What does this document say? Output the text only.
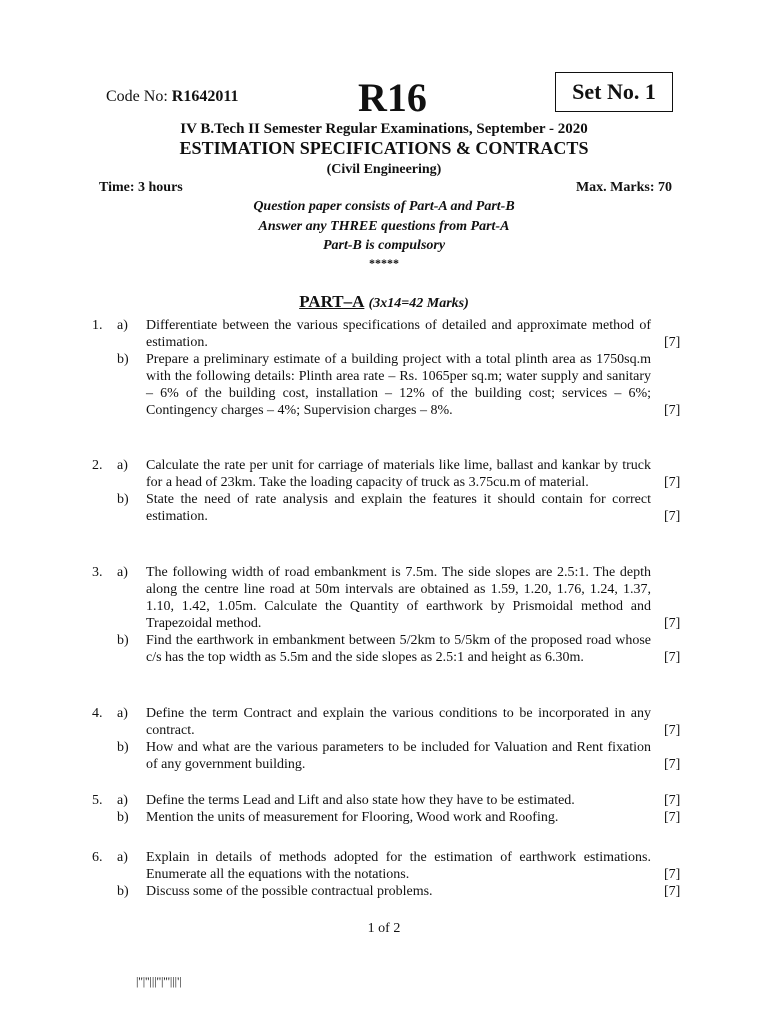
Code No: R1642011	R16	Set No. 1
IV B.Tech II Semester Regular Examinations, September - 2020
ESTIMATION SPECIFICATIONS & CONTRACTS
(Civil Engineering)
Time: 3 hours	Max. Marks: 70
Question paper consists of Part-A and Part-B
Answer any THREE questions from Part-A
Part-B is compulsory
*****
PART–A (3x14=42 Marks)
1. a) Differentiate between the various specifications of detailed and approximate method of estimation.	[7]
b) Prepare a preliminary estimate of a building project with a total plinth area as 1750sq.m with the following details: Plinth area rate – Rs. 1065per sq.m; water supply and sanitary – 6% of the building cost, installation – 12% of the building cost; services – 6%; Contingency charges – 4%; Supervision charges – 8%.	[7]
2. a) Calculate the rate per unit for carriage of materials like lime, ballast and kankar by truck for a head of 23km. Take the loading capacity of truck as 3.75cu.m of material.	[7]
b) State the need of rate analysis and explain the features it should contain for correct estimation.	[7]
3. a) The following width of road embankment is 7.5m. The side slopes are 2.5:1. The depth along the centre line road at 50m intervals are obtained as 1.59, 1.20, 1.76, 1.24, 1.37, 1.10, 1.42, 1.05m. Calculate the Quantity of earthwork by Prismoidal method and Trapezoidal method.	[7]
b) Find the earthwork in embankment between 5/2km to 5/5km of the proposed road whose c/s has the top width as 5.5m and the side slopes as 2.5:1 and height as 6.30m.	[7]
4. a) Define the term Contract and explain the various conditions to be incorporated in any contract.	[7]
b) How and what are the various parameters to be included for Valuation and Rent fixation of any government building.	[7]
5. a) Define the terms Lead and Lift and also state how they have to be estimated.	[7]
b) Mention the units of measurement for Flooring, Wood work and Roofing.	[7]
6. a) Explain in details of methods adopted for the estimation of earthwork estimations. Enumerate all the equations with the notations.	[7]
b) Discuss some of the possible contractual problems.	[7]
1 of 2
|''|''|||''|'''|||'|
